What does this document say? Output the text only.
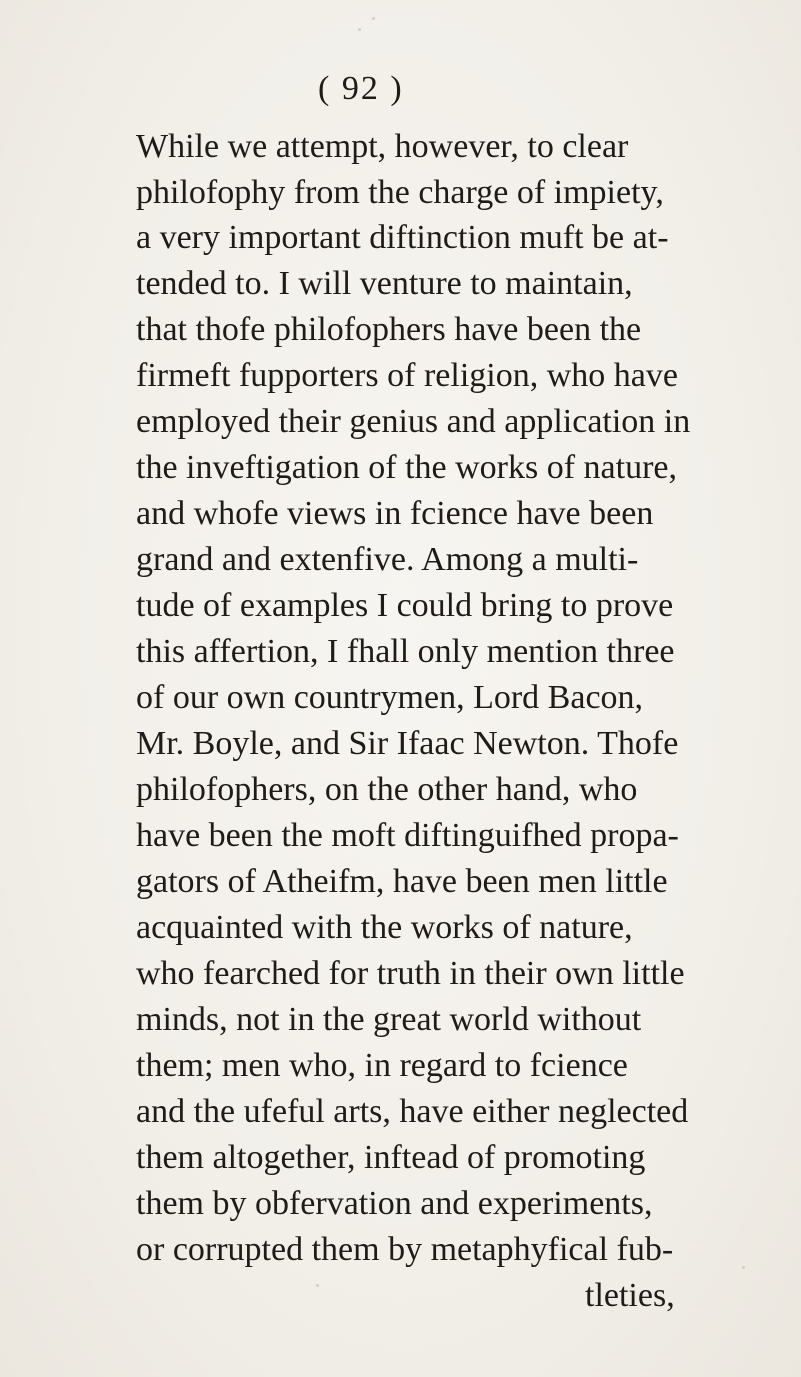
( 92 )
While we attempt, however, to clear
philofophy from the charge of impiety,
a very important diftinction muft be at-
tended to. I will venture to maintain,
that thofe philofophers have been the
firmeft fupporters of religion, who have
employed their genius and application in
the inveftigation of the works of nature,
and whofe views in fcience have been
grand and extenfive. Among a multi-
tude of examples I could bring to prove
this affertion, I fhall only mention three
of our own countrymen, Lord Bacon,
Mr. Boyle, and Sir Ifaac Newton. Thofe
philofophers, on the other hand, who
have been the moft diftinguifhed propa-
gators of Atheifm, have been men little
acquainted with the works of nature,
who fearched for truth in their own little
minds, not in the great world without
them; men who, in regard to fcience
and the ufeful arts, have either neglected
them altogether, inftead of promoting
them by obfervation and experiments,
or corrupted them by metaphyfical fub-
tleties,
